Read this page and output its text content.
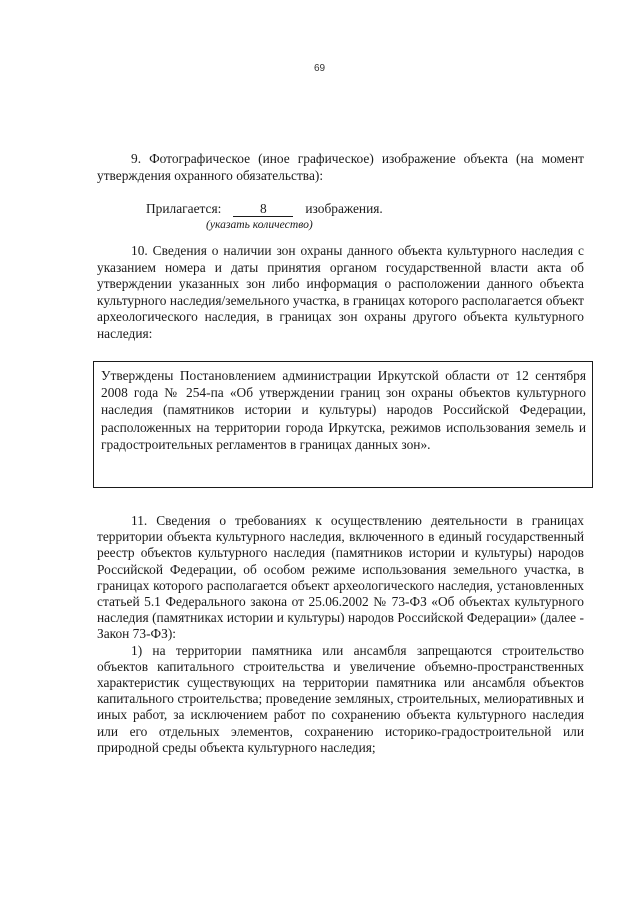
69

9. Фотографическое (иное графическое) изображение объекта (на момент утверждения охранного обязательства):

Прилагается:	8	изображения.
(указать количество)

10. Сведения о наличии зон охраны данного объекта культурного наследия с указанием номера и даты принятия органом государственной власти акта об утверждении указанных зон либо информация о расположении данного объекта культурного наследия/земельного участка, в границах которого располагается объект археологического наследия, в границах зон охраны другого объекта культурного наследия:

Утверждены Постановлением администрации Иркутской области от 12 сентября 2008 года № 254-па «Об утверждении границ зон охраны объектов культурного наследия (памятников истории и культуры) народов Российской Федерации, расположенных на территории города Иркутска, режимов использования земель и градостроительных регламентов в границах данных зон».

11. Сведения о требованиях к осуществлению деятельности в границах территории объекта культурного наследия, включенного в единый государственный реестр объектов культурного наследия (памятников истории и культуры) народов Российской Федерации, об особом режиме использования земельного участка, в границах которого располагается объект археологического наследия, установленных статьей 5.1 Федерального закона от 25.06.2002 № 73-ФЗ «Об объектах культурного наследия (памятниках истории и культуры) народов Российской Федерации» (далее - Закон 73-ФЗ):

1) на территории памятника или ансамбля запрещаются строительство объектов капитального строительства и увеличение объемно-пространственных характеристик существующих на территории памятника или ансамбля объектов капитального строительства; проведение земляных, строительных, мелиоративных и иных работ, за исключением работ по сохранению объекта культурного наследия или его отдельных элементов, сохранению историко-градостроительной или природной среды объекта культурного наследия;
